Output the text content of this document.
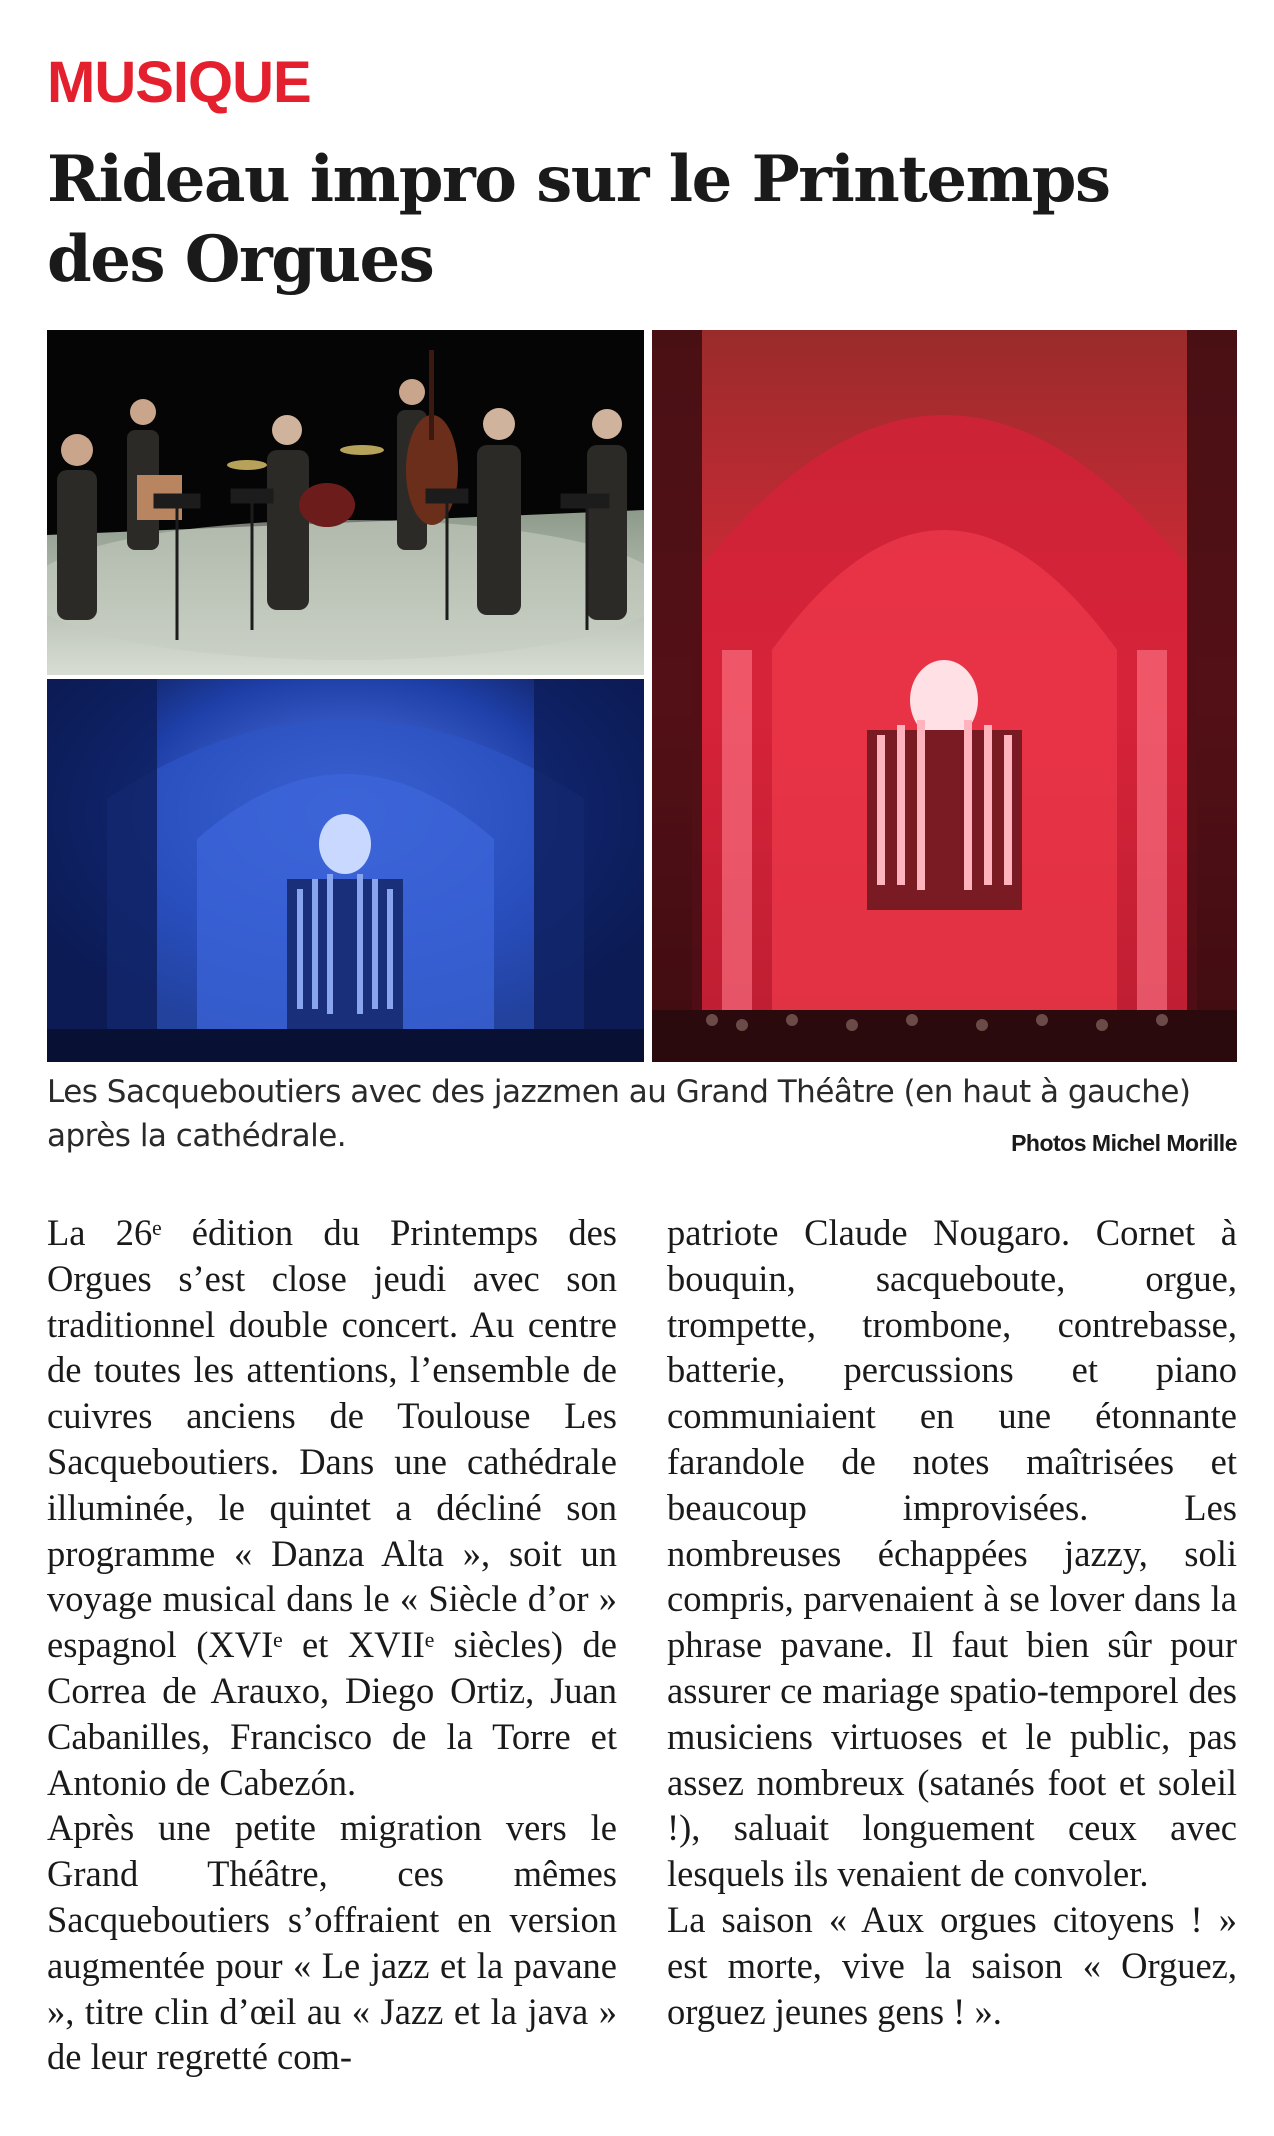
MUSIQUE
Rideau impro sur le Printemps des Orgues
Les Sacqueboutiers avec des jazzmen au Grand Théâtre (en haut à gauche) après la cathédrale.	Photos Michel Morille

La 26ᵉ édition du Printemps des Orgues s’est close jeudi avec son traditionnel double concert. Au centre de toutes les attentions, l’ensemble de cuivres anciens de Toulouse Les Sacqueboutiers. Dans une cathédrale illuminée, le quintet a décliné son programme « Danza Alta », soit un voyage musical dans le « Siècle d’or » espagnol (XVIᵉ et XVIIᵉ siècles) de Correa de Arauxo, Diego Ortiz, Juan Cabanilles, Francisco de la Torre et Antonio de Cabezón.

Après une petite migration vers le Grand Théâtre, ces mêmes Sacqueboutiers s’offraient en version augmentée pour « Le jazz et la pavane », titre clin d’œil au « Jazz et la java » de leur regretté com-

patriote Claude Nougaro. Cornet à bouquin, sacqueboute, orgue, trompette, trombone, contrebasse, batterie, percussions et piano communiaient en une étonnante farandole de notes maîtrisées et beaucoup improvisées. Les nombreuses échappées jazzy, soli compris, parvenaient à se lover dans la phrase pavane. Il faut bien sûr pour assurer ce mariage spatio-temporel des musiciens virtuoses et le public, pas assez nombreux (satanés foot et soleil !), saluait longuement ceux avec lesquels ils venaient de convoler.

La saison « Aux orgues citoyens ! » est morte, vive la saison « Orguez, orguez jeunes gens ! ».
